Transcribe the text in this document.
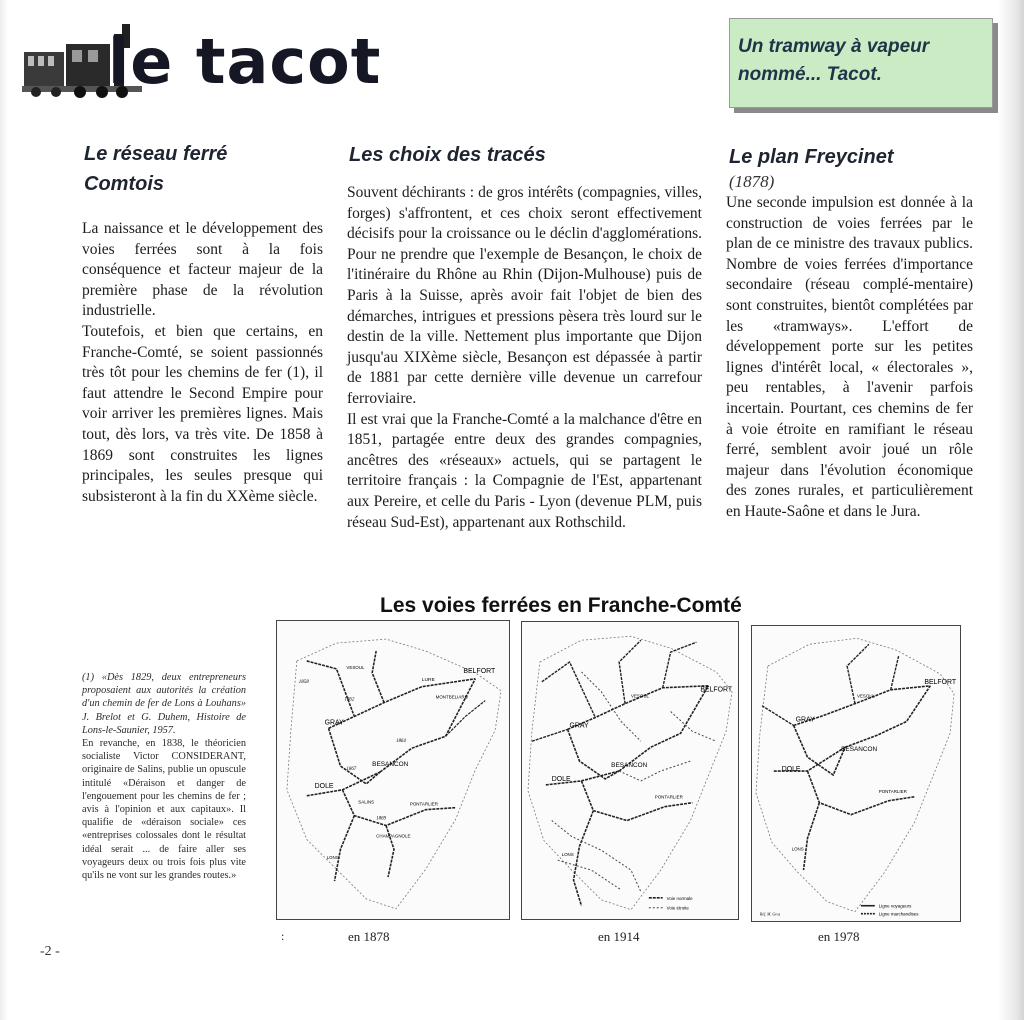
le tacot	Un tramway à vapeur

nommé... Tacot.

Le réseau ferré

Comtois

La naissance et le développement des voies ferrées sont à la fois conséquence et facteur majeur de la première phase de la révolution industrielle.

Toutefois, et bien que certains, en Franche-Comté, se soient passionnés très tôt pour les chemins de fer (1), il faut attendre le Second Empire pour voir arriver les premières lignes. Mais tout, dès lors, va très vite. De 1858 à 1869 sont construites les lignes principales, les seules presque qui subsisteront à la fin du XXème siècle.

Les choix des tracés

Souvent déchirants : de gros intérêts (compagnies, villes, forges) s'affrontent, et ces choix seront effectivement décisifs pour la croissance ou le déclin d'agglomérations. Pour ne prendre que l'exemple de Besançon, le choix de l'itinéraire du Rhône au Rhin (Dijon-Mulhouse) puis de Paris à la Suisse, après avoir fait l'objet de bien des démarches, intrigues et pressions pèsera très lourd sur le destin de la ville. Nettement plus importante que Dijon jusqu'au XIXème siècle, Besançon est dépassée à partir de 1881 par cette dernière ville devenue un carrefour ferroviaire.

Il est vrai que la Franche-Comté a la malchance d'être en 1851, partagée entre deux des grandes compagnies, ancêtres des «réseaux» actuels, qui se partagent le territoire français : la Compagnie de l'Est, appartenant aux Pereire, et celle du Paris - Lyon (devenue PLM, puis réseau Sud-Est), appartenant aux Rothschild.

Le plan Freycinet

(1878)

Une seconde impulsion est donnée à la construction de voies ferrées par le plan de ce ministre des travaux publics. Nombre de voies ferrées d'importance secondaire (réseau complé-mentaire) sont construites, bientôt complétées par les «tramways». L'effort de développement porte sur les petites lignes d'intérêt local, « électorales », peu rentables, à l'avenir parfois incertain. Pourtant, ces chemins de fer à voie étroite en ramifiant le réseau ferré, semblent avoir joué un rôle majeur dans l'évolution économique des zones rurales, et particulièrement en Haute-Saône et dans le Jura.

Les voies ferrées en Franche-Comté

GRAY
BESANCON
DOLE
BELFORT
LURE
MONTBELIARD
PONTARLIER
CHAMPAGNOLE
SALINS
LONS
VESOUL
1858
1862
1864
1867
1869
GRAY
BESANCON
DOLE
BELFORT
VESOUL
PONTARLIER
LONS
Voie normale
Voie étroite
GRAY
BESANCON
DOLE
BELFORT
VESOUL
PONTARLIER
LONS
Ligne voyageurs
Ligne marchandises
Réf. M. Gros
en 1878	en 1914	en 1978

(1) «Dès 1829, deux entrepreneurs proposaient aux autorités la création d'un chemin de fer de Lons à Louhans» J. Brelot et G. Duhem, Histoire de Lons-le-Saunier, 1957.

En revanche, en 1838, le théoricien socialiste Victor CONSIDERANT, originaire de Salins, publie un opuscule intitulé «Déraison et danger de l'engouement pour les chemins de fer ; avis à l'opinion et aux capitaux». Il qualifie de «déraison sociale» ces «entreprises colossales dont le résultat idéal serait ... de faire aller ses voyageurs deux ou trois fois plus vite qu'ils ne vont sur les grandes routes.»

:
-2 -
